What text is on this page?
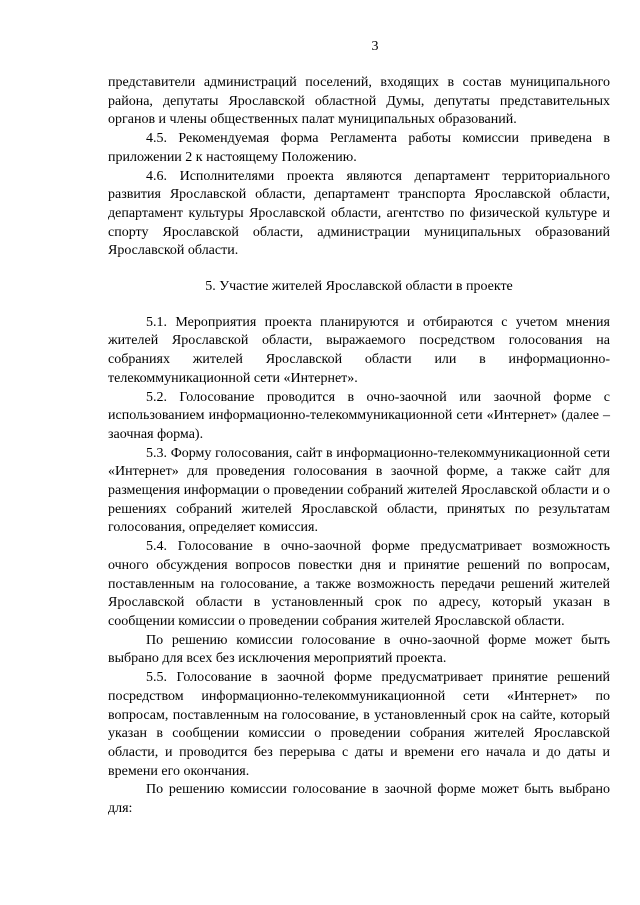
3

представители администраций поселений, входящих в состав муниципального района, депутаты Ярославской областной Думы, депутаты представительных органов и члены общественных палат муниципальных образований.

4.5. Рекомендуемая форма Регламента работы комиссии приведена в приложении 2 к настоящему Положению.

4.6. Исполнителями проекта являются департамент территориального развития Ярославской области, департамент транспорта Ярославской области, департамент культуры Ярославской области, агентство по физической культуре и спорту Ярославской области, администрации муниципальных образований Ярославской области.

5. Участие жителей Ярославской области в проекте

5.1. Мероприятия проекта планируются и отбираются с учетом мнения жителей Ярославской области, выражаемого посредством голосования на собраниях жителей Ярославской области или в информационно-телекоммуникационной сети «Интернет».

5.2. Голосование проводится в очно-заочной или заочной форме с использованием информационно-телекоммуникационной сети «Интернет» (далее – заочная форма).

5.3. Форму голосования, сайт в информационно-телекоммуникационной сети «Интернет» для проведения голосования в заочной форме, а также сайт для размещения информации о проведении собраний жителей Ярославской области и о решениях собраний жителей Ярославской области, принятых по результатам голосования, определяет комиссия.

5.4. Голосование в очно-заочной форме предусматривает возможность очного обсуждения вопросов повестки дня и принятие решений по вопросам, поставленным на голосование, а также возможность передачи решений жителей Ярославской области в установленный срок по адресу, который указан в сообщении комиссии о проведении собрания жителей Ярославской области.

По решению комиссии голосование в очно-заочной форме может быть выбрано для всех без исключения мероприятий проекта.

5.5. Голосование в заочной форме предусматривает принятие решений посредством информационно-телекоммуникационной сети «Интернет» по вопросам, поставленным на голосование, в установленный срок на сайте, который указан в сообщении комиссии о проведении собрания жителей Ярославской области, и проводится без перерыва с даты и времени его начала и до даты и времени его окончания.

По решению комиссии голосование в заочной форме может быть выбрано для:
